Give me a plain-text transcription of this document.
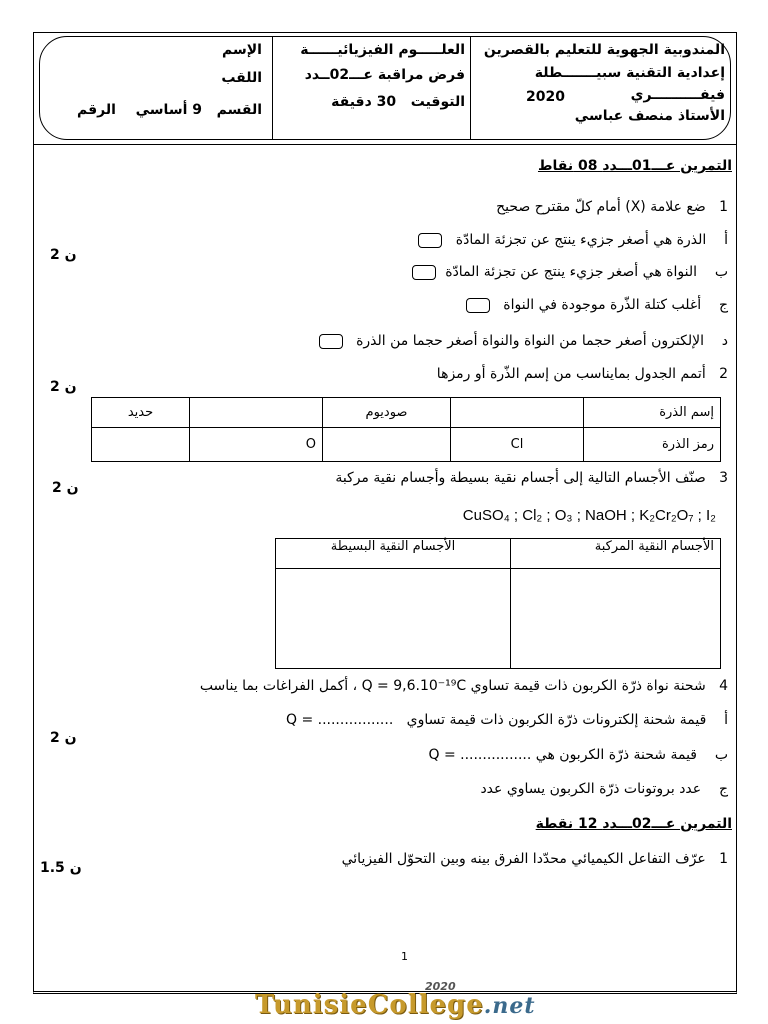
المندوبية الجهوية للتعليم بالقصرين
إعدادية التقنية سبيـــــــطلة
فيفــــــــــري
2020
الأستاذ منصف عباسي
العلـــــوم الفيزيائيــــــة
فرض مراقبة عـــ02ــدد
التوقيت   30 دقيقة
الإسم
اللقب
القسم   9 أساسي
الرقم
التمرين عـــ01ـــدد 08 نقاط
1   ضع علامة (X) أمام كلّ مقترح صحيح
أ    الذرة هي أصغر جزيء ينتج عن تجزئة المادّة
2 ن
ب    النواة هي أصغر جزيء ينتج عن تجزئة المادّة
ج    أغلب كتلة الذّرة موجودة في النواة
د    الإلكترون أصغر حجما من النواة والنواة أصغر حجما من الذرة
2   أتمم الجدول بمايناسب من إسم الذّرة أو رمزها
2 ن
حديد		صوديوم		إسم الذرة
	O		Cl	رمز الذرة
3   صنّف الأجسام التالية إلى أجسام نقية بسيطة وأجسام نقية مركبة
2 ن
CuSO₄ ; Cl₂ ; O₃ ; NaOH ; K₂Cr₂O₇ ; I₂
الأجسام النقية البسيطة	الأجسام النقية المركبة

4   شحنة نواة ذرّة الكربون ذات قيمة تساوي Q = 9,6.10⁻¹⁹C ، أكمل الفراغات بما يناسب
أ    قيمة شحنة إلكترونات ذرّة الكربون ذات قيمة تساوي   Q = .................
2 ن
ب    قيمة شحنة ذرّة الكربون هي Q = ................
ج    عدد بروتونات ذرّة الكربون يساوي عدد
التمرين عـــ02ـــدد 12 نقطة
1   عرّف التفاعل الكيميائي محدّدا الفرق بينه وبين التحوّل الفيزيائي
1.5 ن
1
2020
TunisieCollege.net
